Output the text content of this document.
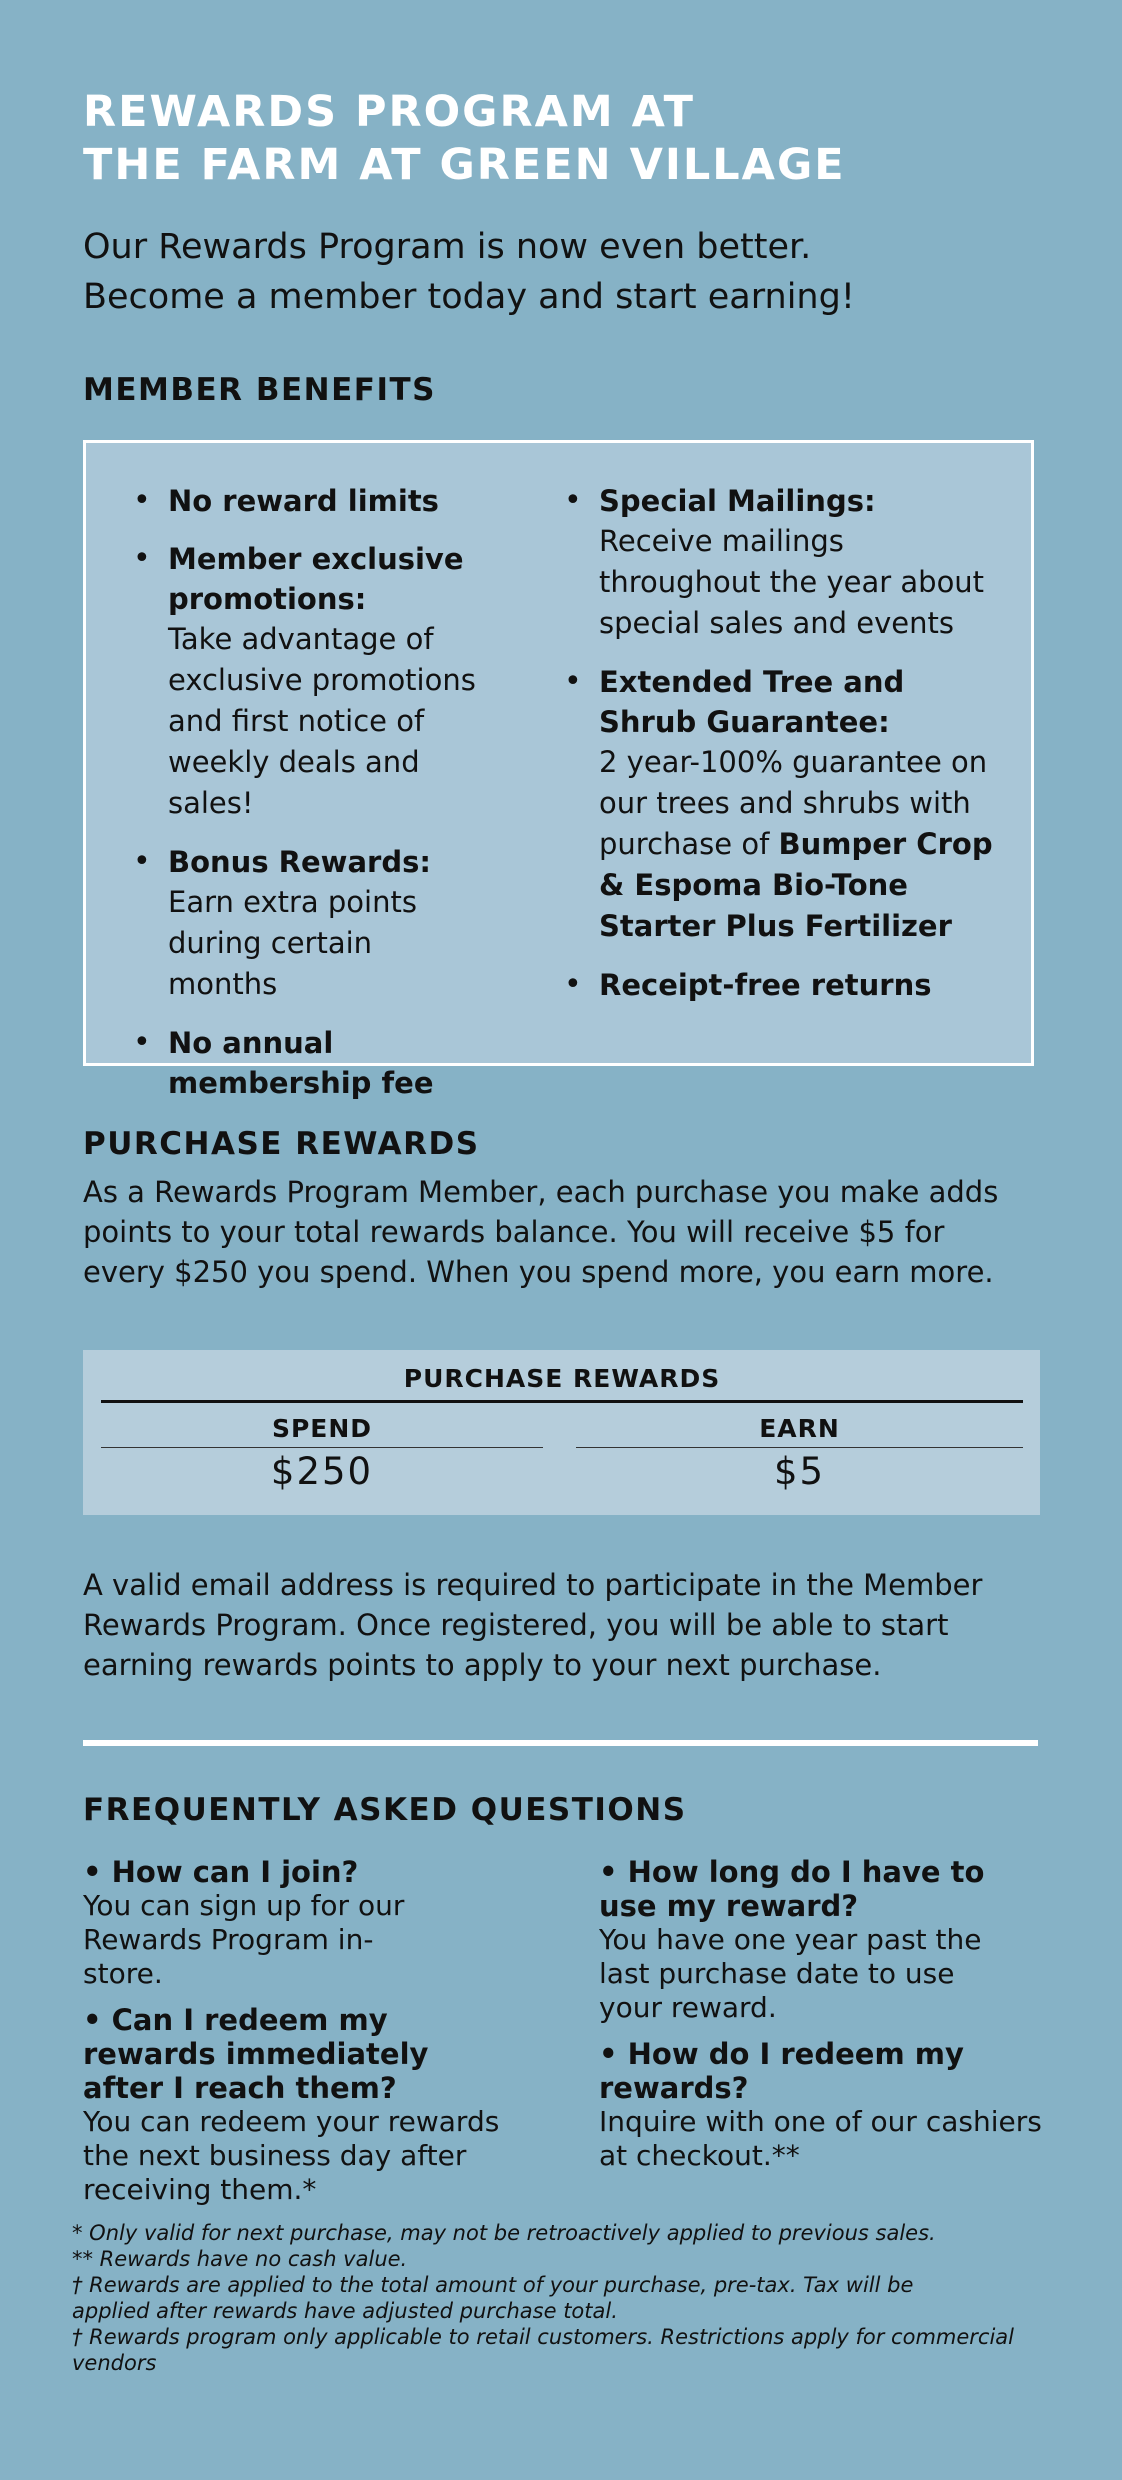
REWARDS PROGRAM AT
THE FARM AT GREEN VILLAGE
Our Rewards Program is now even better.
Become a member today and start earning!
MEMBER BENEFITS
• No reward limits
• Member exclusive promotions:
Take advantage of exclusive promotions and first notice of weekly deals and sales!
• Bonus Rewards:
Earn extra points during certain months
• No annual membership fee
• Special Mailings:
Receive mailings throughout the year about special sales and events
• Extended Tree and Shrub Guarantee:
2 year-100% guarantee on our trees and shrubs with purchase of Bumper Crop & Espoma Bio-Tone Starter Plus Fertilizer
• Receipt-free returns
PURCHASE REWARDS
As a Rewards Program Member, each purchase you make adds points to your total rewards balance. You will receive $5 for every $250 you spend. When you spend more, you earn more.
PURCHASE REWARDS
SPEND
$250
EARN
$5
A valid email address is required to participate in the Member Rewards Program. Once registered, you will be able to start earning rewards points to apply to your next purchase.
FREQUENTLY ASKED QUESTIONS
• How can I join?
You can sign up for our Rewards Program in-store.
• Can I redeem my rewards immediately after I reach them?
You can redeem your rewards the next business day after receiving them.*
• How long do I have to use my reward?
You have one year past the last purchase date to use your reward.
• How do I redeem my rewards?
Inquire with one of our cashiers at checkout.**
* Only valid for next purchase, may not be retroactively applied to previous sales.
** Rewards have no cash value.
† Rewards are applied to the total amount of your purchase, pre-tax. Tax will be
applied after rewards have adjusted purchase total.
† Rewards program only applicable to retail customers. Restrictions apply for commercial
vendors
